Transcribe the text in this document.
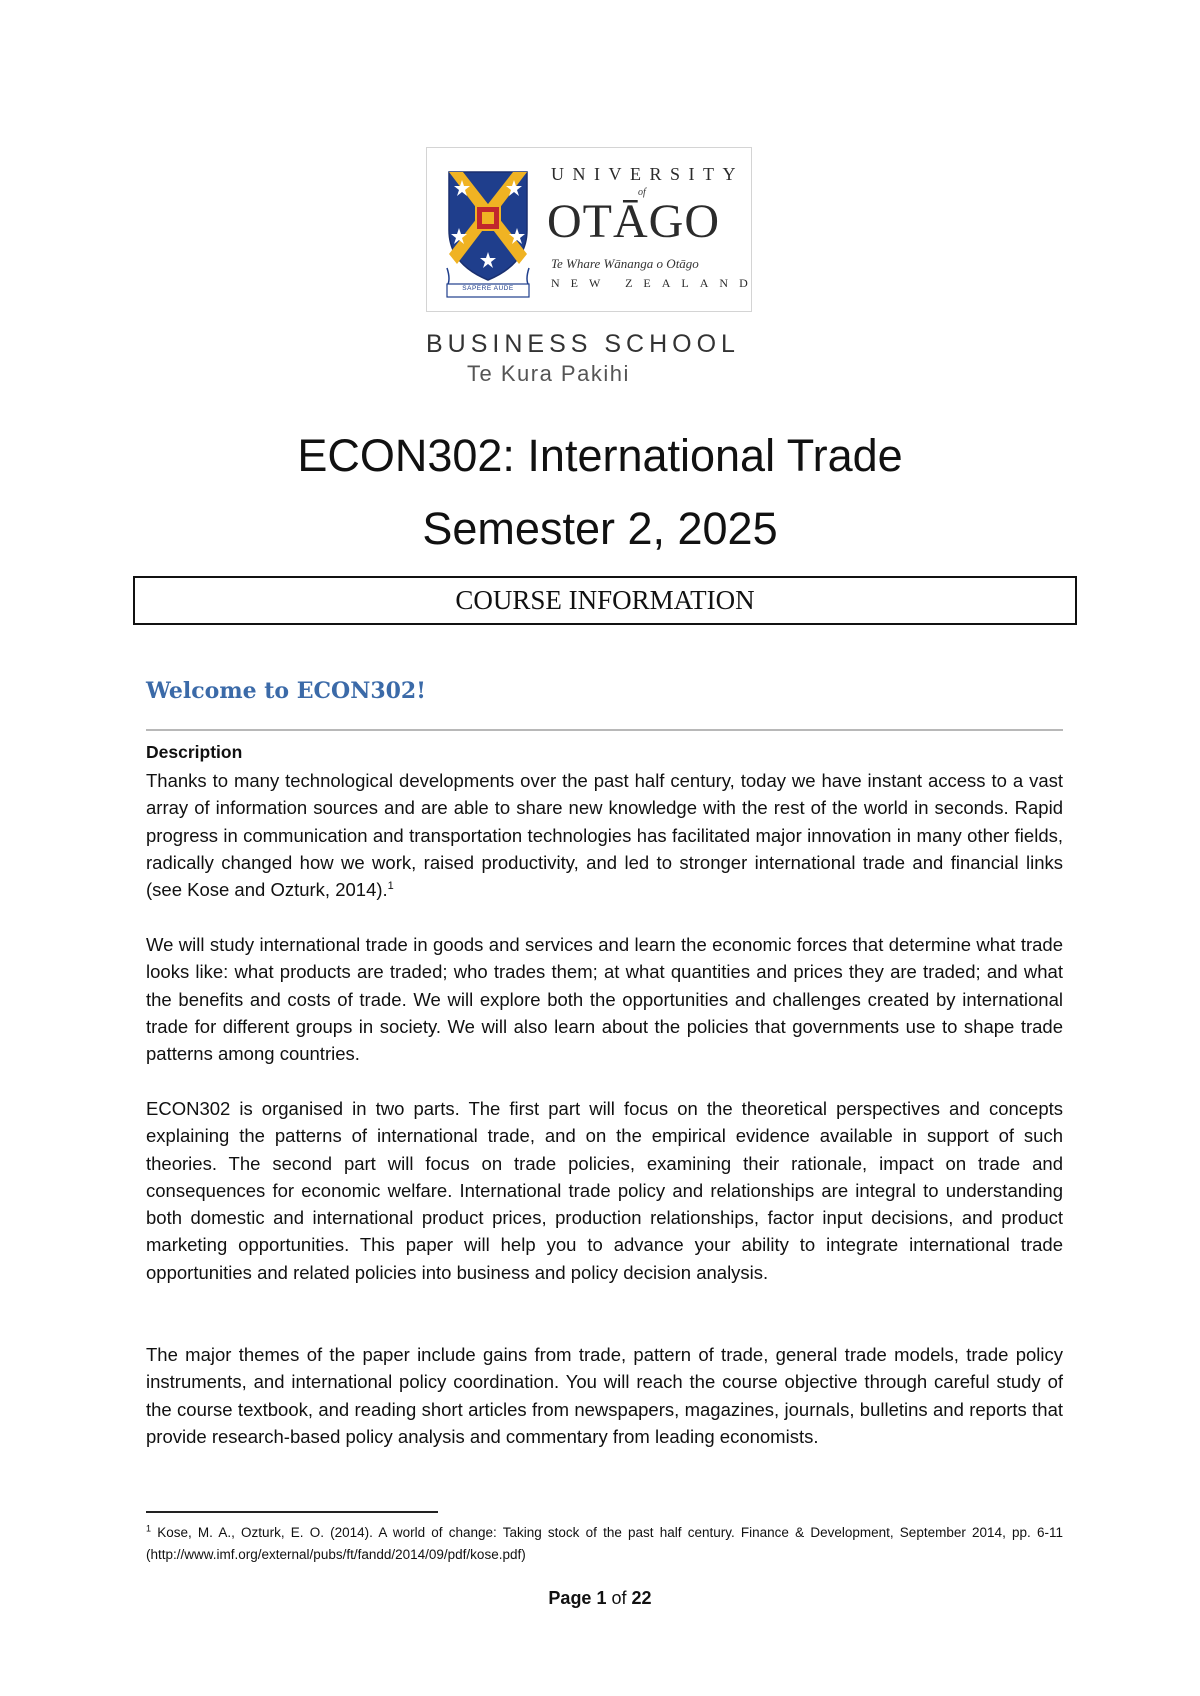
SAPERE AUDE
UNIVERSITY
of
OTĀGO
Te Whare Wānanga o Otāgo
NEW ZEALAND
BUSINESS SCHOOL
Te Kura Pakihi
ECON302: International Trade
Semester 2, 2025
COURSE INFORMATION
Welcome to ECON302!
Description
Thanks to many technological developments over the past half century, today we have instant access to a vast array of information sources and are able to share new knowledge with the rest of the world in seconds. Rapid progress in communication and transportation technologies has facilitated major innovation in many other fields, radically changed how we work, raised productivity, and led to stronger international trade and financial links (see Kose and Ozturk, 2014).$^1$
We will study international trade in goods and services and learn the economic forces that determine what trade looks like: what products are traded; who trades them; at what quantities and prices they are traded; and what the benefits and costs of trade. We will explore both the opportunities and challenges created by international trade for different groups in society. We will also learn about the policies that governments use to shape trade patterns among countries.
ECON302 is organised in two parts. The first part will focus on the theoretical perspectives and concepts explaining the patterns of international trade, and on the empirical evidence available in support of such theories. The second part will focus on trade policies, examining their rationale, impact on trade and consequences for economic welfare. International trade policy and relationships are integral to understanding both domestic and international product prices, production relationships, factor input decisions, and product marketing opportunities. This paper will help you to advance your ability to integrate international trade opportunities and related policies into business and policy decision analysis.
The major themes of the paper include gains from trade, pattern of trade, general trade models, trade policy instruments, and international policy coordination. You will reach the course objective through careful study of the course textbook, and reading short articles from newspapers, magazines, journals, bulletins and reports that provide research-based policy analysis and commentary from leading economists.
$^1$ Kose, M. A., Ozturk, E. O. (2014). A world of change: Taking stock of the past half century. Finance & Development, September 2014, pp. 6-11 (http://www.imf.org/external/pubs/ft/fandd/2014/09/pdf/kose.pdf)
Page 1 of 22
